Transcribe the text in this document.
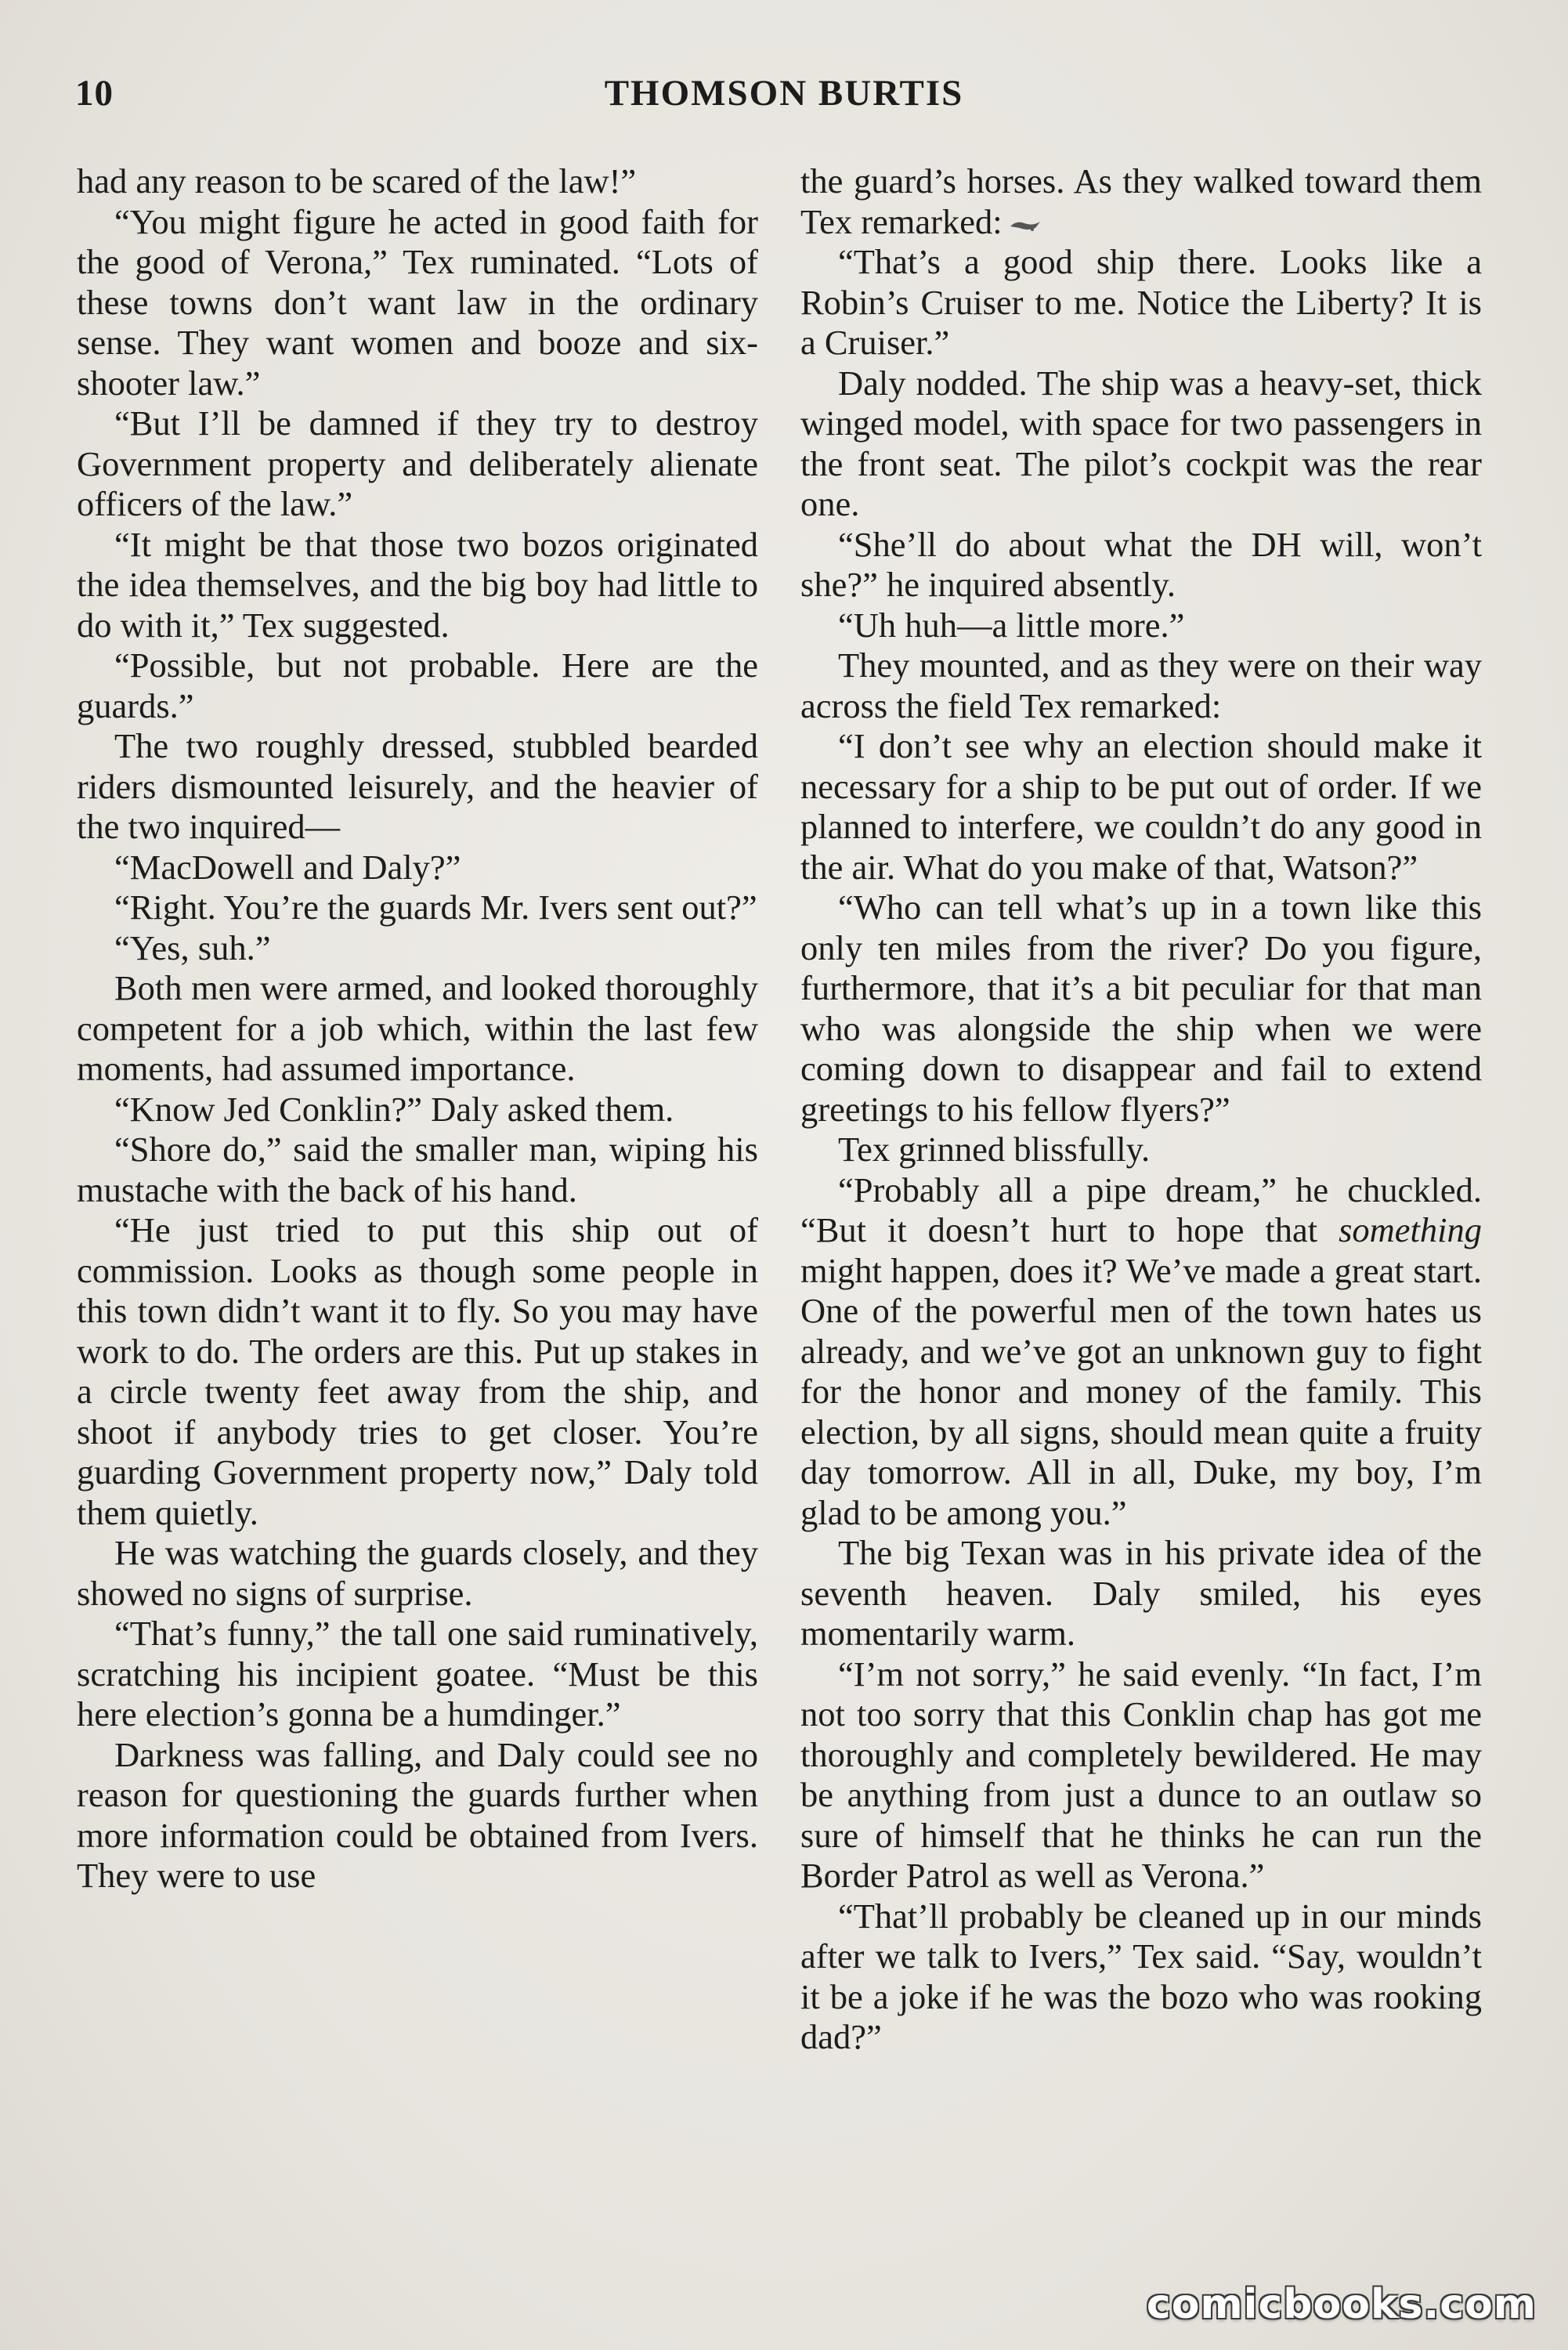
10	THOMSON BURTIS

had any reason to be scared of the law!”

“You might figure he acted in good faith for the good of Verona,” Tex ruminated. “Lots of these towns don’t want law in the ordinary sense. They want women and booze and six-shooter law.”

“But I’ll be damned if they try to destroy Government property and deliberately alienate officers of the law.”

“It might be that those two bozos originated the idea themselves, and the big boy had little to do with it,” Tex suggested.

“Possible, but not probable. Here are the guards.”

The two roughly dressed, stubbled bearded riders dismounted leisurely, and the heavier of the two inquired—

“MacDowell and Daly?”

“Right. You’re the guards Mr. Ivers sent out?”

“Yes, suh.”

Both men were armed, and looked thoroughly competent for a job which, within the last few moments, had assumed importance.

“Know Jed Conklin?” Daly asked them.

“Shore do,” said the smaller man, wiping his mustache with the back of his hand.

“He just tried to put this ship out of commission. Looks as though some people in this town didn’t want it to fly. So you may have work to do. The orders are this. Put up stakes in a circle twenty feet away from the ship, and shoot if anybody tries to get closer. You’re guarding Government property now,” Daly told them quietly.

He was watching the guards closely, and they showed no signs of surprise.

“That’s funny,” the tall one said ruminatively, scratching his incipient goatee. “Must be this here election’s gonna be a humdinger.”

Darkness was falling, and Daly could see no reason for questioning the guards further when more information could be obtained from Ivers. They were to use

the guard’s horses. As they walked toward them Tex remarked:

“That’s a good ship there. Looks like a Robin’s Cruiser to me. Notice the Liberty? It is a Cruiser.”

Daly nodded. The ship was a heavy-set, thick winged model, with space for two passengers in the front seat. The pilot’s cockpit was the rear one.

“She’ll do about what the DH will, won’t she?” he inquired absently.

“Uh huh—a little more.”

They mounted, and as they were on their way across the field Tex remarked:

“I don’t see why an election should make it necessary for a ship to be put out of order. If we planned to interfere, we couldn’t do any good in the air. What do you make of that, Watson?”

“Who can tell what’s up in a town like this only ten miles from the river? Do you figure, furthermore, that it’s a bit peculiar for that man who was alongside the ship when we were coming down to disappear and fail to extend greetings to his fellow flyers?”

Tex grinned blissfully.

“Probably all a pipe dream,” he chuckled. “But it doesn’t hurt to hope that something might happen, does it? We’ve made a great start. One of the powerful men of the town hates us already, and we’ve got an unknown guy to fight for the honor and money of the family. This election, by all signs, should mean quite a fruity day tomorrow. All in all, Duke, my boy, I’m glad to be among you.”

The big Texan was in his private idea of the seventh heaven. Daly smiled, his eyes momentarily warm.

“I’m not sorry,” he said evenly. “In fact, I’m not too sorry that this Conklin chap has got me thoroughly and completely bewildered. He may be anything from just a dunce to an outlaw so sure of himself that he thinks he can run the Border Patrol as well as Verona.”

“That’ll probably be cleaned up in our minds after we talk to Ivers,” Tex said. “Say, wouldn’t it be a joke if he was the bozo who was rooking dad?”

comicbooks.com
